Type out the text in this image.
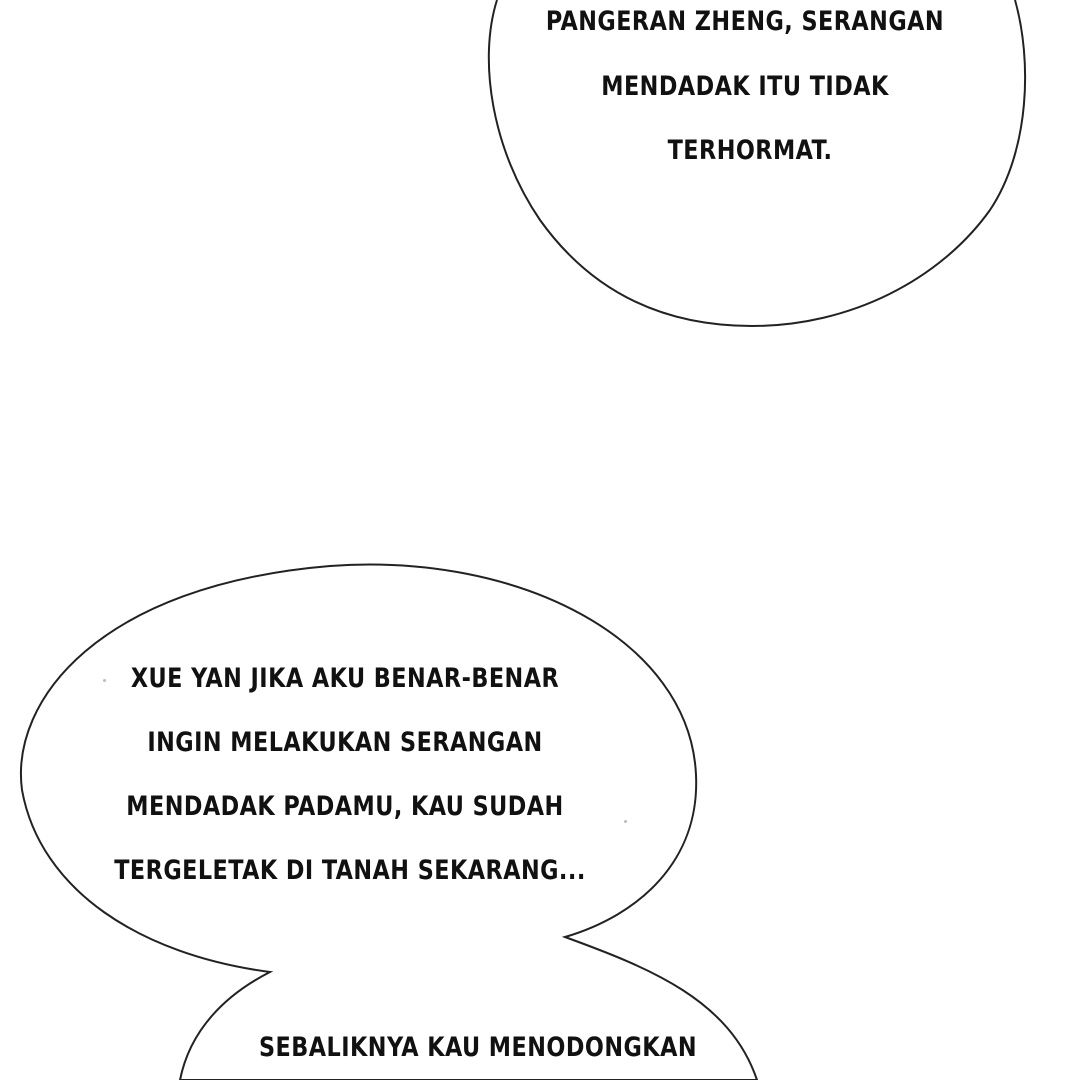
PANGERAN ZHENG, SERANGAN
MENDADAK ITU TIDAK
TERHORMAT.
XUE YAN JIKA AKU BENAR-BENAR
INGIN MELAKUKAN SERANGAN
MENDADAK PADAMU, KAU SUDAH
TERGELETAK DI TANAH SEKARANG...
SEBALIKNYA KAU MENODONGKAN
